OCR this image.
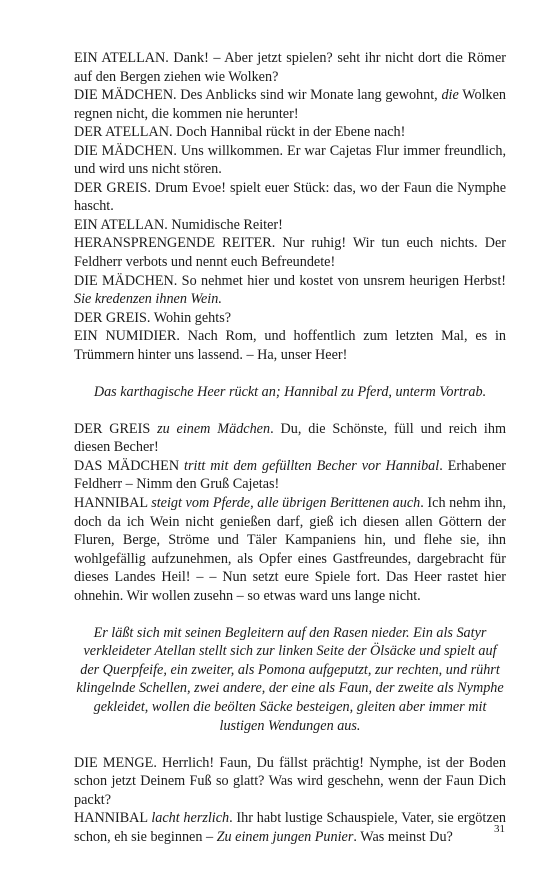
EIN ATELLAN. Dank! – Aber jetzt spielen? seht ihr nicht dort die Römer auf den Bergen ziehen wie Wolken?

DIE MÄDCHEN. Des Anblicks sind wir Monate lang gewohnt, die Wolken regnen nicht, die kommen nie herunter!

DER ATELLAN. Doch Hannibal rückt in der Ebene nach!

DIE MÄDCHEN. Uns willkommen. Er war Cajetas Flur immer freundlich, und wird uns nicht stören.

DER GREIS. Drum Evoe! spielt euer Stück: das, wo der Faun die Nymphe hascht.

EIN ATELLAN. Numidische Reiter!

HERANSPRENGENDE REITER. Nur ruhig! Wir tun euch nichts. Der Feldherr verbots und nennt euch Befreundete!

DIE MÄDCHEN. So nehmet hier und kostet von unsrem heurigen Herbst! Sie kredenzen ihnen Wein.

DER GREIS. Wohin gehts?

EIN NUMIDIER. Nach Rom, und hoffentlich zum letzten Mal, es in Trümmern hinter uns lassend. – Ha, unser Heer!

Das karthagische Heer rückt an; Hannibal zu Pferd, unterm Vortrab.

DER GREIS zu einem Mädchen. Du, die Schönste, füll und reich ihm diesen Becher!

DAS MÄDCHEN tritt mit dem gefüllten Becher vor Hannibal. Erhabener Feldherr – Nimm den Gruß Cajetas!

HANNIBAL steigt vom Pferde, alle übrigen Berittenen auch. Ich nehm ihn, doch da ich Wein nicht genießen darf, gieß ich diesen allen Göttern der Fluren, Berge, Ströme und Täler Kampaniens hin, und flehe sie, ihn wohlgefällig aufzunehmen, als Opfer eines Gastfreundes, dargebracht für dieses Landes Heil! – – Nun setzt eure Spiele fort. Das Heer rastet hier ohnehin. Wir wollen zusehn – so etwas ward uns lange nicht.

Er läßt sich mit seinen Begleitern auf den Rasen nieder. Ein als Satyr verkleideter Atellan stellt sich zur linken Seite der Ölsäcke und spielt auf der Querpfeife, ein zweiter, als Pomona aufgeputzt, zur rechten, und rührt klingelnde Schellen, zwei andere, der eine als Faun, der zweite als Nymphe gekleidet, wollen die beölten Säcke besteigen, gleiten aber immer mit lustigen Wendungen aus.

DIE MENGE. Herrlich! Faun, Du fällst prächtig! Nymphe, ist der Boden schon jetzt Deinem Fuß so glatt? Was wird geschehn, wenn der Faun Dich packt?

HANNIBAL lacht herzlich. Ihr habt lustige Schauspiele, Vater, sie ergötzen schon, eh sie beginnen – Zu einem jungen Punier. Was meinst Du?	31
